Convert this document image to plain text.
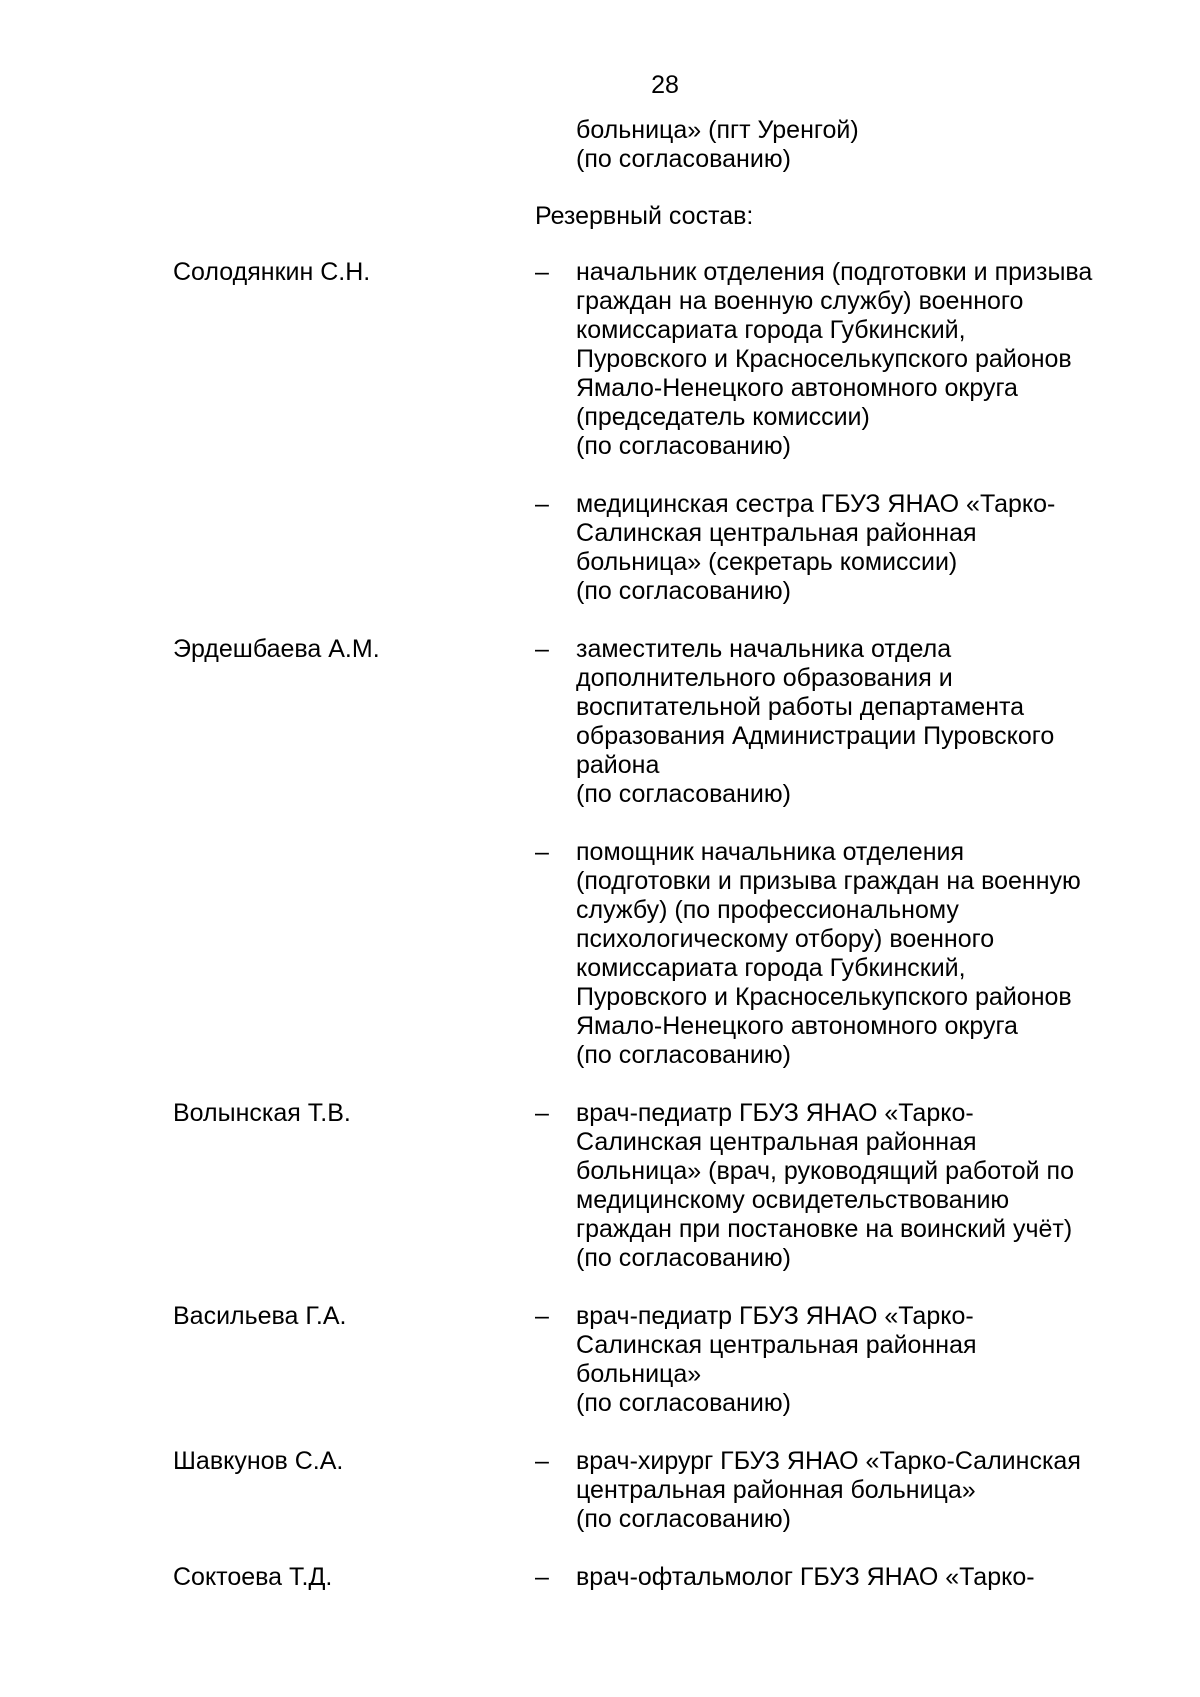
28
больница» (пгт Уренгой)
(по согласованию)
Резервный состав:
Солодянкин С.Н.	–	начальник отделения (подготовки и призыва
граждан на военную службу) военного
комиссариата города Губкинский,
Пуровского и Красноселькупского районов
Ямало-Ненецкого автономного округа
(председатель комиссии)
(по согласованию)
–	медицинская сестра ГБУЗ ЯНАО «Тарко-
Салинская центральная районная
больница» (секретарь комиссии)
(по согласованию)
Эрдешбаева А.М.	–	заместитель начальника отдела
дополнительного образования и
воспитательной работы департамента
образования Администрации Пуровского
района
(по согласованию)
–	помощник начальника отделения
(подготовки и призыва граждан на военную
службу) (по профессиональному
психологическому отбору) военного
комиссариата города Губкинский,
Пуровского и Красноселькупского районов
Ямало-Ненецкого автономного округа
(по согласованию)
Волынская Т.В.	–	врач-педиатр ГБУЗ ЯНАО «Тарко-
Салинская центральная районная
больница» (врач, руководящий работой по
медицинскому освидетельствованию
граждан при постановке на воинский учёт)
(по согласованию)
Васильева Г.А.	–	врач-педиатр ГБУЗ ЯНАО «Тарко-
Салинская центральная районная
больница»
(по согласованию)
Шавкунов С.А.	–	врач-хирург ГБУЗ ЯНАО «Тарко-Салинская
центральная районная больница»
(по согласованию)
Соктоева Т.Д.	–	врач-офтальмолог ГБУЗ ЯНАО «Тарко-
